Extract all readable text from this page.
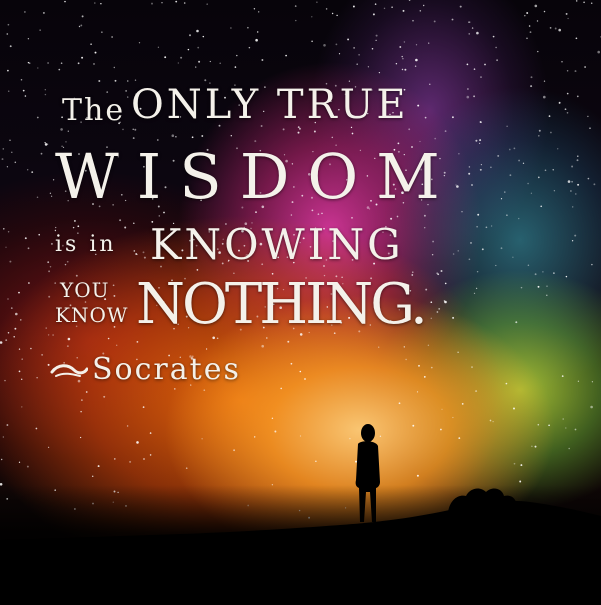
The ONLY TRUE
WISDOM
is in KNOWING
YOU
KNOW NOTHING.
Socrates
